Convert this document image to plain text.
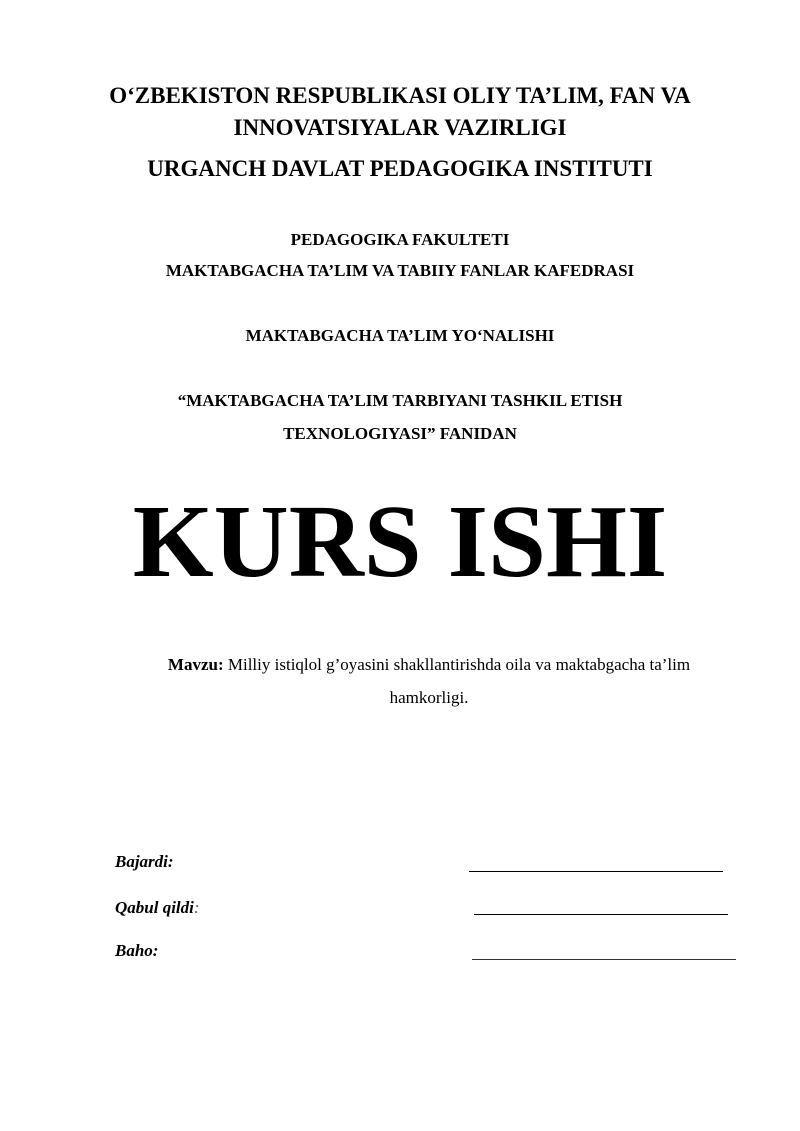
O‘ZBEKISTON RESPUBLIKASI OLIY TA’LIM, FAN VA
INNOVATSIYALAR VAZIRLIGI
URGANCH DAVLAT PEDAGOGIKA INSTITUTI
PEDAGOGIKA FAKULTETI
MAKTABGACHA TA’LIM VA TABIIY FANLAR KAFEDRASI
MAKTABGACHA TA’LIM YO‘NALISHI
“MAKTABGACHA TA’LIM TARBIYANI TASHKIL ETISH
TEXNOLOGIYASI” FANIDAN
KURS ISHI
Mavzu: Milliy istiqlol g’oyasini shakllantirishda oila va maktabgacha ta’lim
hamkorligi.
Bajardi:
Qabul qildi:
Baho:
